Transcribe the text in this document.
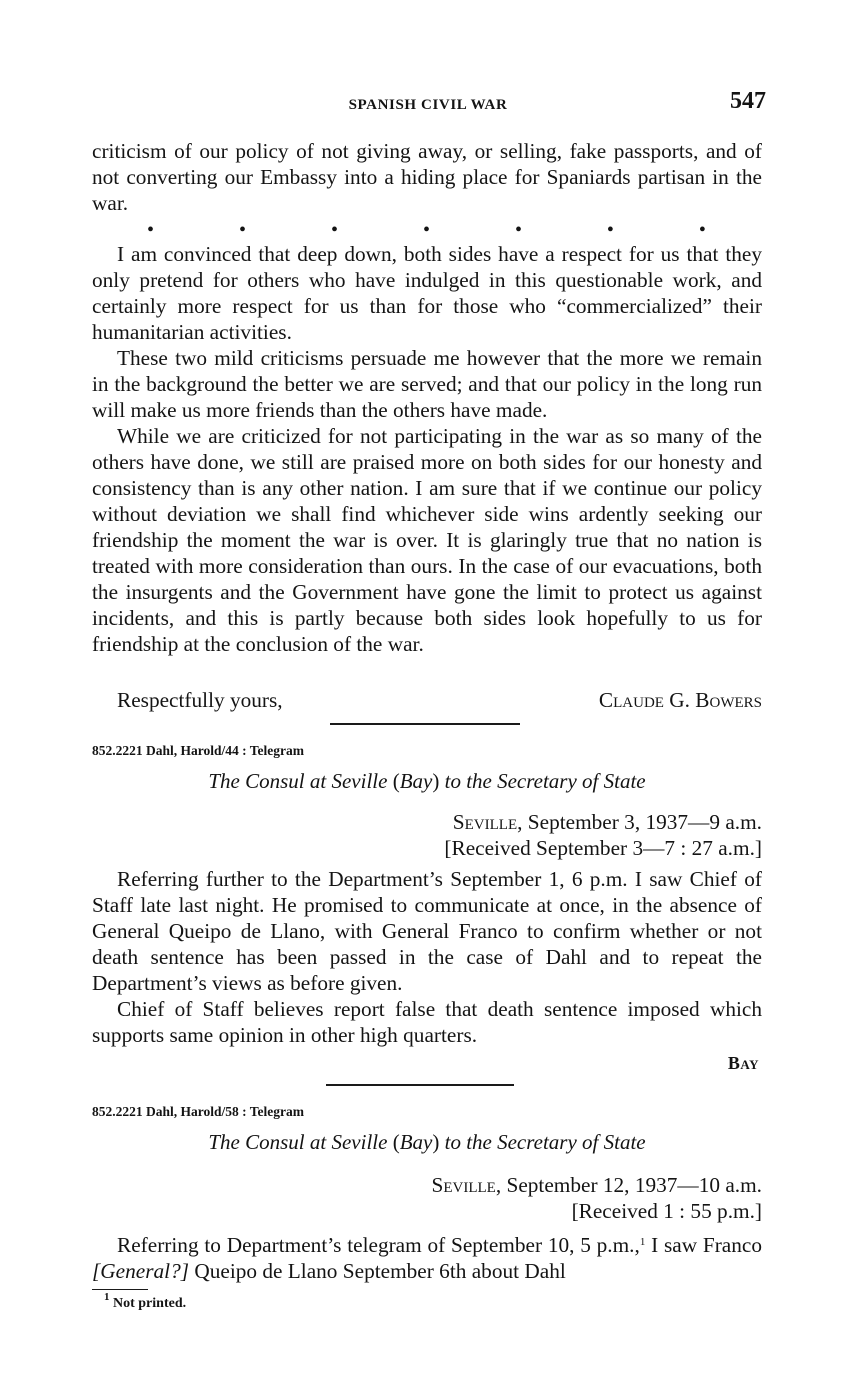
SPANISH CIVIL WAR	547

criticism of our policy of not giving away, or selling, fake passports, and of not converting our Embassy into a hiding place for Spaniards partisan in the war.

•	•	•	•	•	•	•

I am convinced that deep down, both sides have a respect for us that they only pretend for others who have indulged in this questionable work, and certainly more respect for us than for those who “commercialized” their humanitarian activities.

These two mild criticisms persuade me however that the more we remain in the background the better we are served; and that our policy in the long run will make us more friends than the others have made.

While we are criticized for not participating in the war as so many of the others have done, we still are praised more on both sides for our honesty and consistency than is any other nation. I am sure that if we continue our policy without deviation we shall find whichever side wins ardently seeking our friendship the moment the war is over. It is glaringly true that no nation is treated with more consideration than ours. In the case of our evacuations, both the insurgents and the Government have gone the limit to protect us against incidents, and this is partly because both sides look hopefully to us for friendship at the conclusion of the war.

Respectfully yours,	Claude G. Bowers
852.2221 Dahl, Harold/44 : Telegram
The Consul at Seville (Bay) to the Secretary of State
Seville, September 3, 1937—9 a.m.
[Received September 3—7 : 27 a.m.]

Referring further to the Department’s September 1, 6 p.m. I saw Chief of Staff late last night. He promised to communicate at once, in the absence of General Queipo de Llano, with General Franco to confirm whether or not death sentence has been passed in the case of Dahl and to repeat the Department’s views as before given.

Chief of Staff believes report false that death sentence imposed which supports same opinion in other high quarters.

Bay
852.2221 Dahl, Harold/58 : Telegram
The Consul at Seville (Bay) to the Secretary of State
Seville, September 12, 1937—10 a.m.
[Received 1 : 55 p.m.]

Referring to Department’s telegram of September 10, 5 p.m.,$^1$ I saw Franco [General?] Queipo de Llano September 6th about Dahl

$^1$ Not printed.
